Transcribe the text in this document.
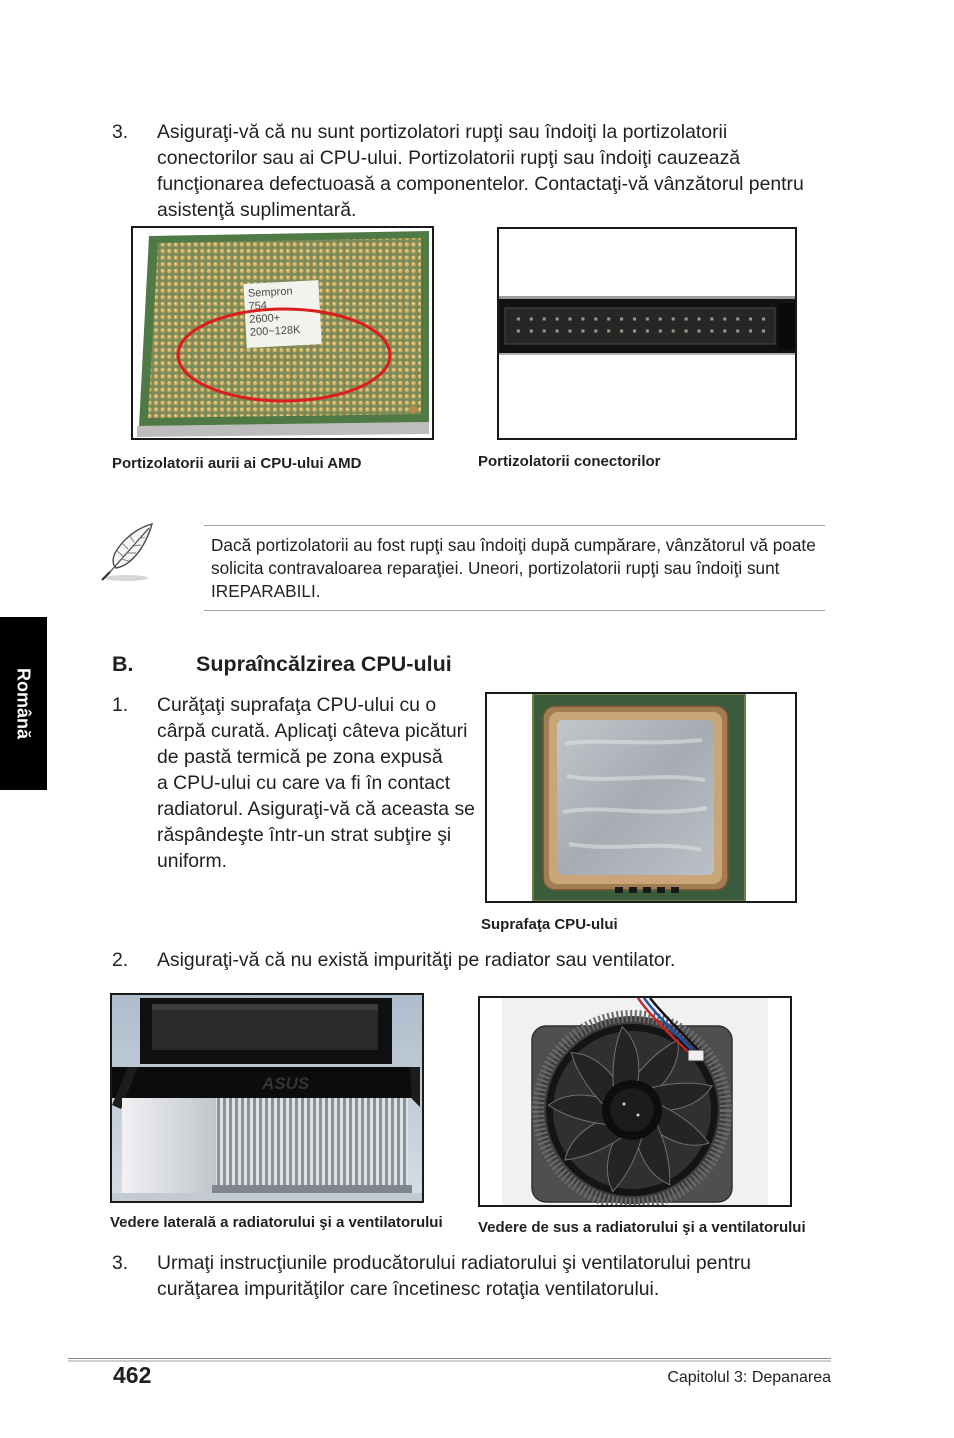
3. Asiguraţi-vă că nu sunt portizolatori rupţi sau îndoiţi la portizolatorii
conectorilor sau ai CPU-ului. Portizolatorii rupţi sau îndoiţi cauzează
funcţionarea defectuoasă a componentelor. Contactaţi-vă vânzătorul pentru
asistenţă suplimentară.
Sempron
754
2600+
200~128K
Portizolatorii aurii ai CPU-ului AMD	Portizolatorii conectorilor
Dacă portizolatorii au fost rupţi sau îndoiţi după cumpărare, vânzătorul vă poate
solicita contravaloarea reparaţiei. Uneori, portizolatorii rupţi sau îndoiţi sunt
IREPARABILI.
Română
B.	Supraîncălzirea CPU-ului
1. Curăţaţi suprafaţa CPU-ului cu o
cârpă curată. Aplicaţi câteva picături
de pastă termică pe zona expusă
a CPU-ului cu care va fi în contact
radiatorul. Asiguraţi-vă că aceasta se
răspândeşte într-un strat subţire şi
uniform.
Suprafaţa CPU-ului
2. Asiguraţi-vă că nu există impurităţi pe radiator sau ventilator.
ASUS
Vedere laterală a radiatorului şi a ventilatorului Vedere de sus a radiatorului şi a ventilatorului
3. Urmaţi instrucţiunile producătorului radiatorului şi ventilatorului pentru
curăţarea impurităţilor care încetinesc rotaţia ventilatorului.
462	Capitolul 3: Depanarea
